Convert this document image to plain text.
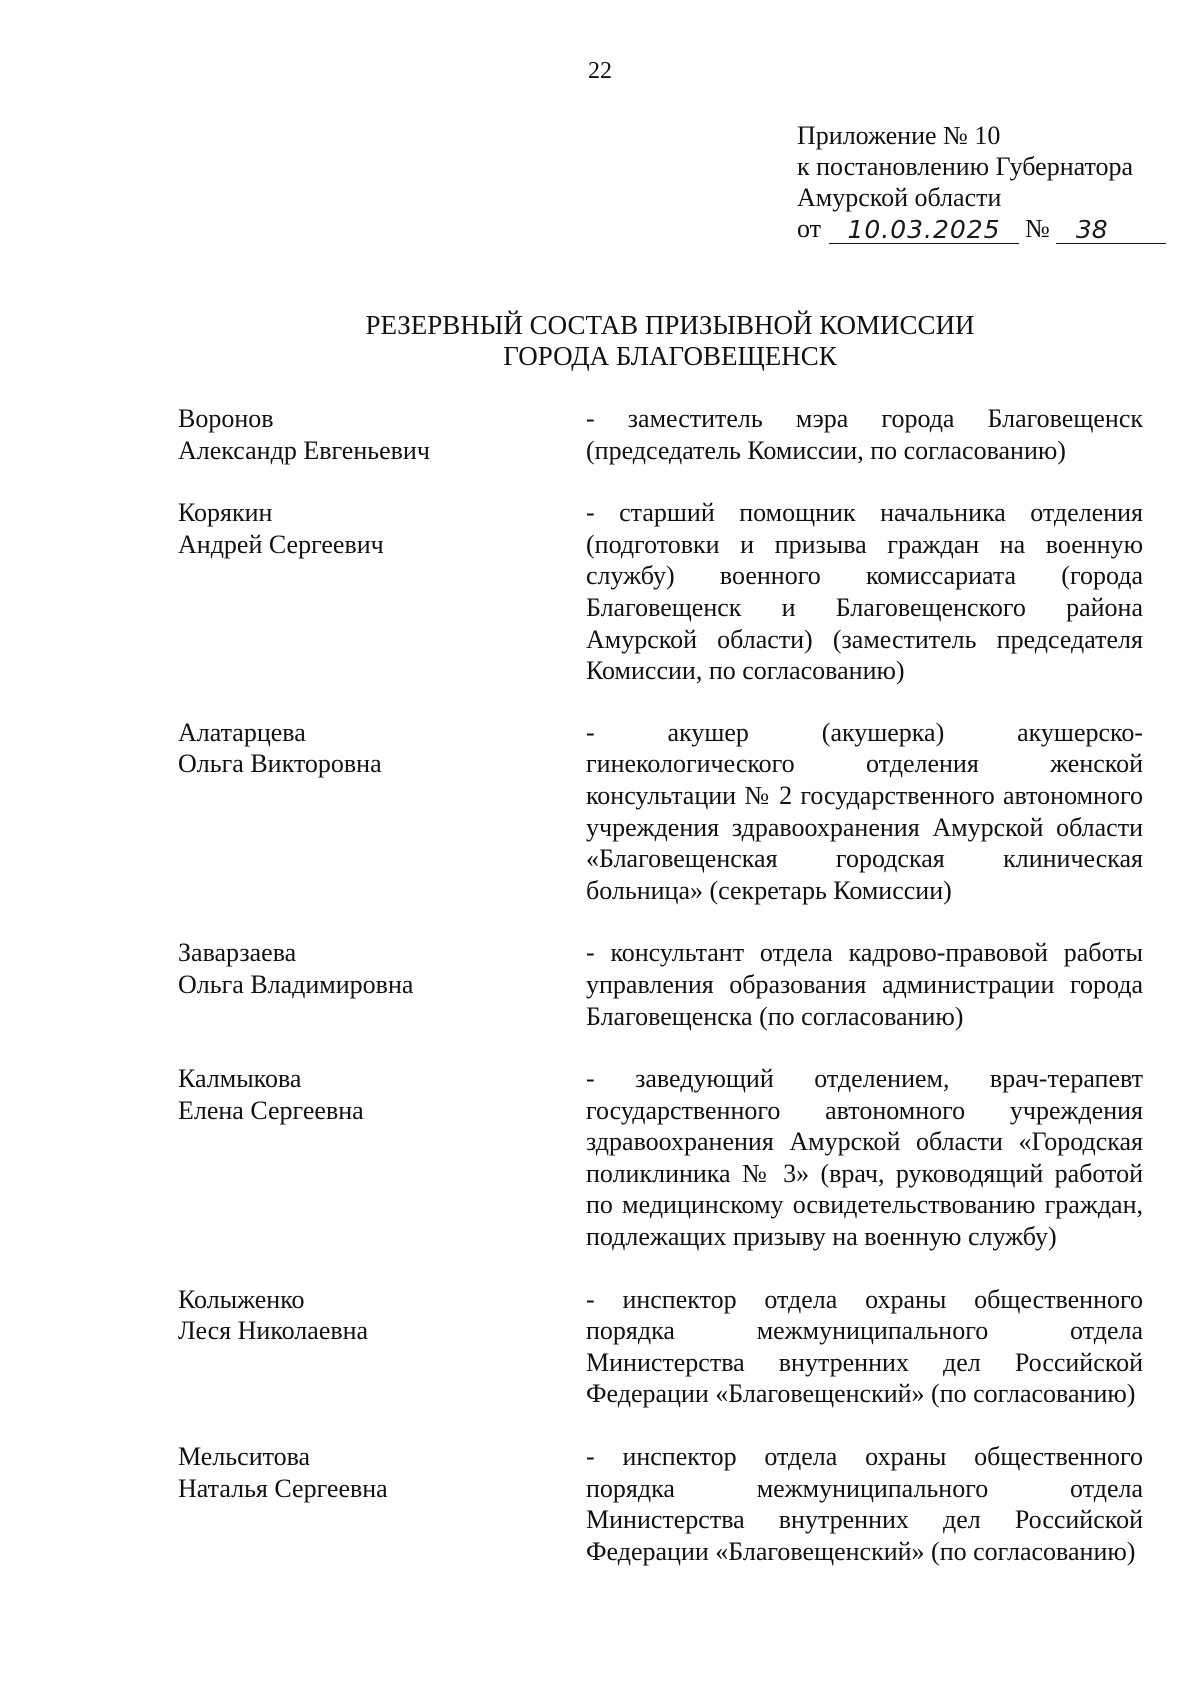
22
Приложение № 10
к постановлению Губернатора
Амурской области
от	10.03.2025 №	38
РЕЗЕРВНЫЙ СОСТАВ ПРИЗЫВНОЙ КОМИССИИ
ГОРОДА БЛАГОВЕЩЕНСК
Воронов
Александр Евгеньевич
- заместитель мэра города Благовещенск (председатель Комиссии, по согласованию)
Корякин
Андрей Сергеевич
- старший помощник начальника отделения (подготовки и призыва граждан на военную службу) военного комиссариата (города Благовещенск и Благовещенского района Амурской области) (заместитель председателя Комиссии, по согласованию)
Алатарцева
Ольга Викторовна
- акушер (акушерка) акушерско-гинекологического отделения женской консультации № 2 государственного автономного учреждения здравоохранения Амурской области «Благовещенская городская клиническая больница» (секретарь Комиссии)
Заварзаева
Ольга Владимировна
- консультант отдела кадрово-правовой работы управления образования администрации города Благовещенска (по согласованию)
Калмыкова
Елена Сергеевна
- заведующий отделением, врач-терапевт государственного автономного учреждения здравоохранения Амурской области «Городская поликлиника № 3» (врач, руководящий работой по медицинскому освидетельствованию граждан, подлежащих призыву на военную службу)
Колыженко
Леся Николаевна
- инспектор отдела охраны общественного порядка межмуниципального отдела Министерства внутренних дел Российской Федерации «Благовещенский» (по согласованию)
Мельситова
Наталья Сергеевна
- инспектор отдела охраны общественного порядка межмуниципального отдела Министерства внутренних дел Российской Федерации «Благовещенский» (по согласованию)
